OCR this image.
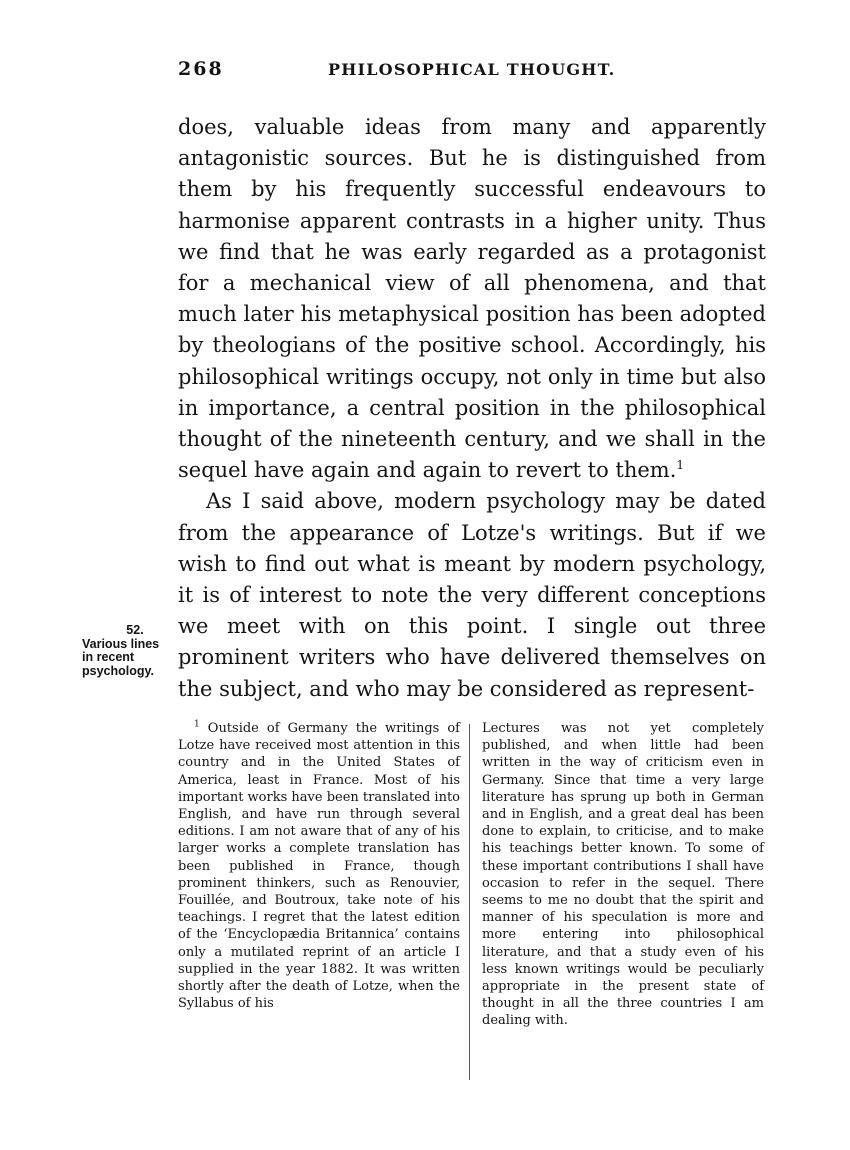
268	PHILOSOPHICAL THOUGHT.

does, valuable ideas from many and apparently antagonistic sources. But he is distinguished from them by his frequently successful endeavours to harmonise apparent contrasts in a higher unity. Thus we find that he was early regarded as a protagonist for a mechanical view of all phenomena, and that much later his metaphysical position has been adopted by theologians of the positive school. Accordingly, his philosophical writings occupy, not only in time but also in importance, a central position in the philosophical thought of the nineteenth century, and we shall in the sequel have again and again to revert to them.$^1$

As I said above, modern psychology may be dated from the appearance of Lotze's writings. But if we wish to find out what is meant by modern psychology, it is of interest to note the very different conceptions we meet with on this point. I single out three prominent writers who have delivered themselves on the subject, and who may be considered as represent-

52.
Various lines in recent psychology.

$^1$ Outside of Germany the writings of Lotze have received most attention in this country and in the United States of America, least in France. Most of his important works have been translated into English, and have run through several editions. I am not aware that of any of his larger works a complete translation has been published in France, though prominent thinkers, such as Renouvier, Fouillée, and Boutroux, take note of his teachings. I regret that the latest edition of the ‘Encyclopædia Britannica’ contains only a mutilated reprint of an article I supplied in the year 1882. It was written shortly after the death of Lotze, when the Syllabus of his

Lectures was not yet completely published, and when little had been written in the way of criticism even in Germany. Since that time a very large literature has sprung up both in German and in English, and a great deal has been done to explain, to criticise, and to make his teachings better known. To some of these important contributions I shall have occasion to refer in the sequel. There seems to me no doubt that the spirit and manner of his speculation is more and more entering into philosophical literature, and that a study even of his less known writings would be peculiarly appropriate in the present state of thought in all the three countries I am dealing with.
